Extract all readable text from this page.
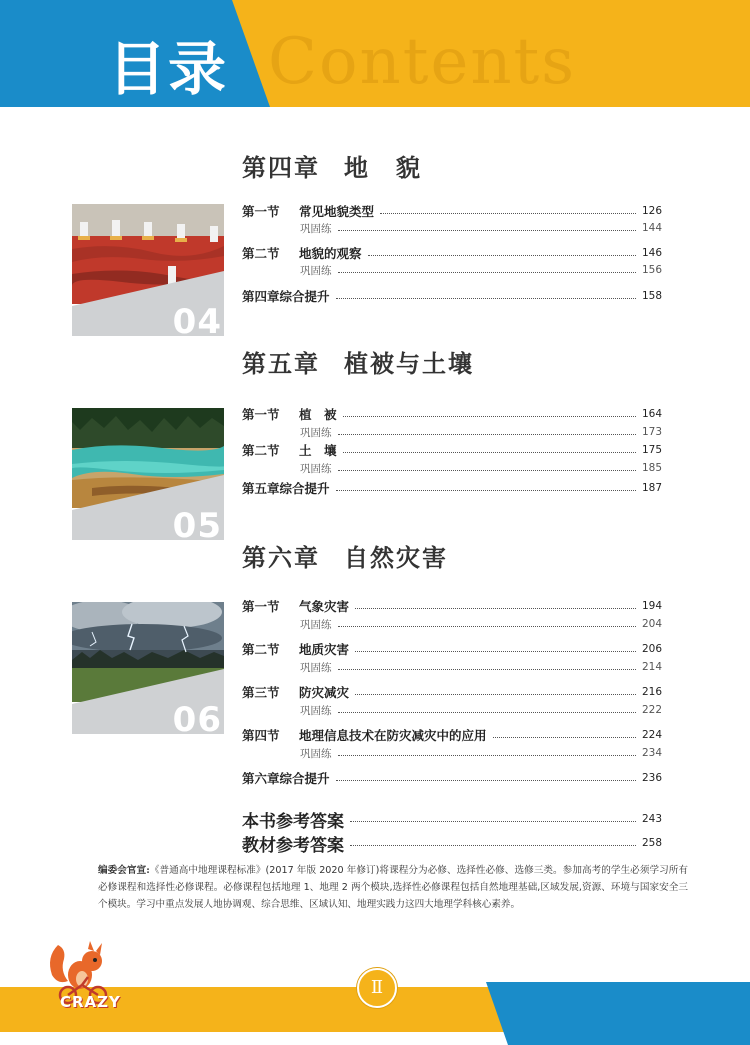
Contents
目录
第四章 地　貌
04
第一节	常见地貌类型	126
巩固练	144
第二节	地貌的观察	146
巩固练	156
第四章综合提升	158
第五章 植被与土壤
05
第一节	植　被	164
巩固练	173
第二节	土　壤	175
巩固练	185
第五章综合提升	187
第六章 自然灾害
06
第一节	气象灾害	194
巩固练	204
第二节	地质灾害	206
巩固练	214
第三节	防灾减灾	216
巩固练	222
第四节	地理信息技术在防灾减灾中的应用	224
巩固练	234
第六章综合提升	236
本书参考答案	243
教材参考答案	258
编委会官宣:《普通高中地理课程标准》(2017 年版 2020 年修订)将课程分为必修、选择性必修、选修三类。参加高考的学生必须学习所有必修课程和选择性必修课程。必修课程包括地理 1、地理 2 两个模块,选择性必修课程包括自然地理基础,区域发展,资源、环境与国家安全三个模块。学习中重点发展人地协调观、综合思维、区域认知、地理实践力这四大地理学科核心素养。
Ⅱ
CRAZY
